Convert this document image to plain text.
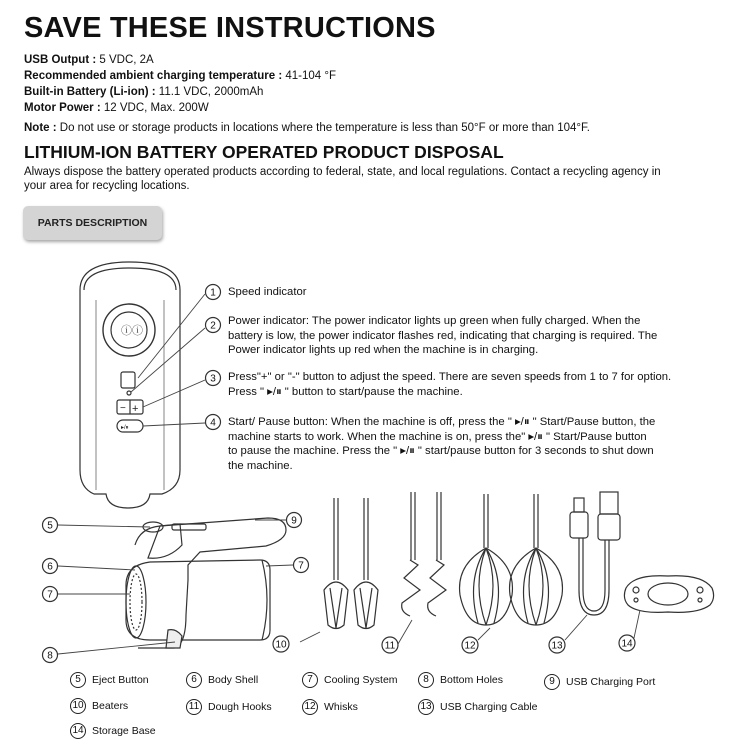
SAVE THESE INSTRUCTIONS
USB Output : 5 VDC, 2A
Recommended ambient charging temperature : 41-104 °F
Built-in Battery (Li-ion) : 11.1 VDC, 2000mAh
Motor Power : 12 VDC, Max. 200W
Note : Do not use or storage products in locations where the temperature is less than 50°F or more than 104°F.
LITHIUM-ION BATTERY OPERATED PRODUCT DISPOSAL
Always dispose the battery operated products according to federal, state, and local regulations. Contact a recycling agency in your area for recycling locations.
PARTS DESCRIPTION
ⓘⓘ
− +
▸/⏸
1
2
3
4
5
6
7
8
9
7
10	11	12	13	14
Speed indicator
Power indicator: The power indicator lights up green when fully charged. When the battery is low, the power indicator flashes red, indicating that charging is required. The Power indicator lights up red when the machine is in charging.
Press"+" or "-" button to adjust the speed. There are seven speeds from 1 to 7 for option. Press " ▸/⏸ " button to start/pause the machine.
Start/ Pause button: When the machine is off, press the " ▸/⏸ " Start/Pause button, the machine starts to work. When the machine is on, press the" ▸/⏸ " Start/Pause button to pause the machine. Press the " ▸/⏸ " start/pause button for 3 seconds to shut down the machine.
5	Eject Button	6	Body Shell	7	Cooling System	8	Bottom Holes	9	USB Charging Port
10 Beaters	11 Dough Hooks	12 Whisks	13 USB Charging Cable
14 Storage Base
